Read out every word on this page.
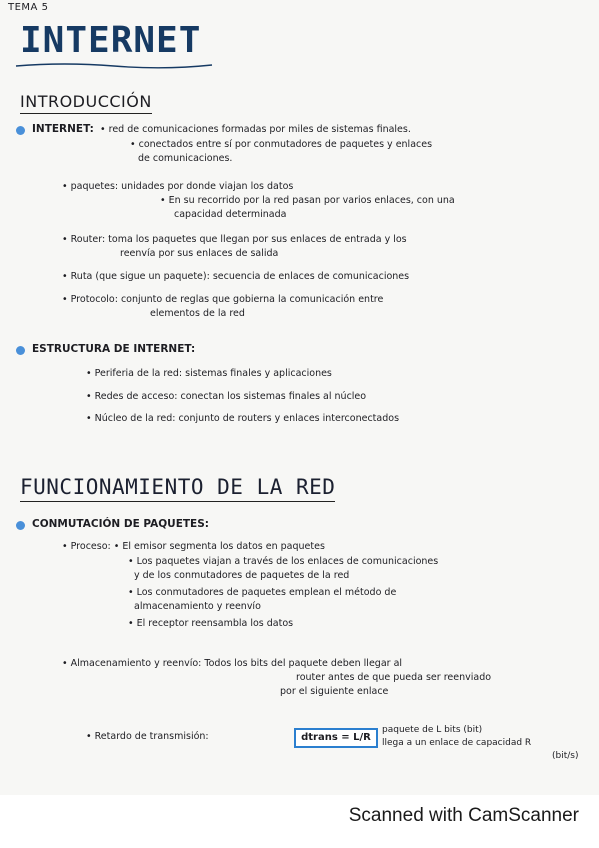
TEMA 5
INTERNET
INTRODUCCIÓN
INTERNET: • red de comunicaciones formadas por miles de sistemas finales.
• conectados entre sí por conmutadores de paquetes y enlaces
de comunicaciones.
• paquetes: unidades por donde viajan los datos
• En su recorrido por la red pasan por varios enlaces, con una
capacidad determinada
• Router: toma los paquetes que llegan por sus enlaces de entrada y los
reenvía por sus enlaces de salida
• Ruta (que sigue un paquete): secuencia de enlaces de comunicaciones
• Protocolo: conjunto de reglas que gobierna la comunicación entre
elementos de la red
ESTRUCTURA DE INTERNET:
• Periferia de la red: sistemas finales y aplicaciones
• Redes de acceso: conectan los sistemas finales al núcleo
• Núcleo de la red: conjunto de routers y enlaces interconectados
FUNCIONAMIENTO DE LA RED
CONMUTACIÓN DE PAQUETES:
• Proceso: • El emisor segmenta los datos en paquetes
• Los paquetes viajan a través de los enlaces de comunicaciones
y de los conmutadores de paquetes de la red
• Los conmutadores de paquetes emplean el método de
almacenamiento y reenvío
• El receptor reensambla los datos
• Almacenamiento y reenvío: Todos los bits del paquete deben llegar al
router antes de que pueda ser reenviado
por el siguiente enlace
• Retardo de transmisión:	dtrans = L/R
paquete de L bits (bit)
llega a un enlace de capacidad R
(bit/s)
Scanned with CamScanner
